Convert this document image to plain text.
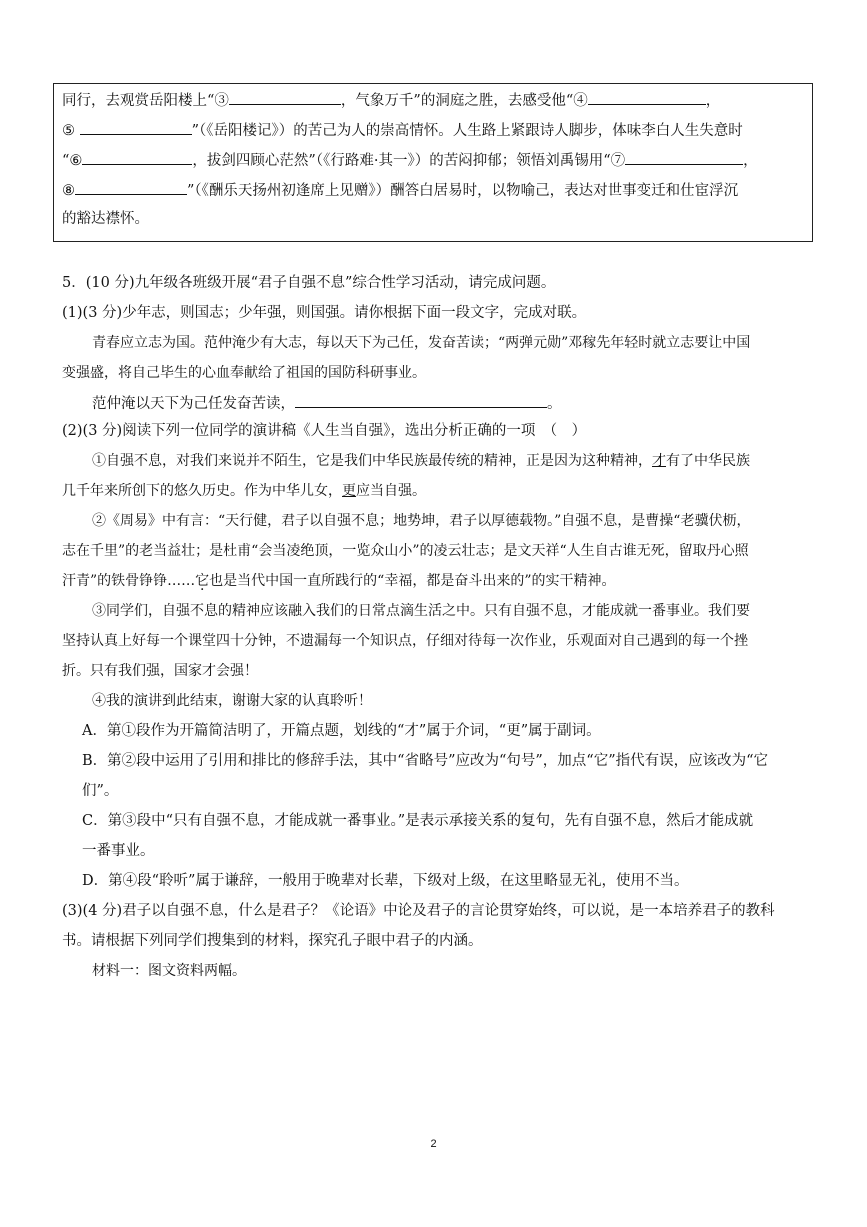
同行，去观赏岳阳楼上“③	，气象万千”的洞庭之胜，去感受他“④	，
⑤	”（《岳阳楼记》）的苦己为人的崇高情怀。人生路上紧跟诗人脚步，体味李白人生失意时
“⑥	，拔剑四顾心茫然”（《行路难·其一》）的苦闷抑郁；领悟刘禹锡用“⑦	，
⑧	”（《酬乐天扬州初逢席上见赠》）酬答白居易时，以物喻己，表达对世事变迁和仕宦浮沉
的豁达襟怀。
5．(10 分)九年级各班级开展“君子自强不息”综合性学习活动，请完成问题。
(1)(3 分)少年志，则国志；少年强，则国强。请你根据下面一段文字，完成对联。
青春应立志为国。范仲淹少有大志，每以天下为己任，发奋苦读；“两弹元勋”邓稼先年轻时就立志要让中国
变强盛，将自己毕生的心血奉献给了祖国的国防科研事业。
范仲淹以天下为己任发奋苦读，	。
(2)(3 分)阅读下列一位同学的演讲稿《人生当自强》，选出分析正确的一项　（　）
①自强不息，对我们来说并不陌生，它是我们中华民族最传统的精神，正是因为这种精神，才有了中华民族
几千年来所创下的悠久历史。作为中华儿女，更应当自强。
②《周易》中有言：“天行健，君子以自强不息；地势坤，君子以厚德载物。”自强不息，是曹操“老骥伏枥，
志在千里”的老当益壮；是杜甫“会当凌绝顶，一览众山小”的凌云壮志；是文天祥“人生自古谁无死，留取丹心照
汗青”的铁骨铮铮……它也是当代中国一直所践行的“幸福，都是奋斗出来的”的实干精神。
③同学们，自强不息的精神应该融入我们的日常点滴生活之中。只有自强不息，才能成就一番事业。我们要
坚持认真上好每一个课堂四十分钟，不遗漏每一个知识点，仔细对待每一次作业，乐观面对自己遇到的每一个挫
折。只有我们强，国家才会强！
④我的演讲到此结束，谢谢大家的认真聆听！
A．第①段作为开篇简洁明了，开篇点题，划线的“才”属于介词，“更”属于副词。
B．第②段中运用了引用和排比的修辞手法，其中“省略号”应改为“句号”，加点“它”指代有误，应该改为“它
们”。
C．第③段中“只有自强不息，才能成就一番事业。”是表示承接关系的复句，先有自强不息，然后才能成就
一番事业。
D．第④段“聆听”属于谦辞，一般用于晚辈对长辈，下级对上级，在这里略显无礼，使用不当。
(3)(4 分)君子以自强不息，什么是君子？《论语》中论及君子的言论贯穿始终，可以说，是一本培养君子的教科
书。请根据下列同学们搜集到的材料，探究孔子眼中君子的内涵。
材料一：图文资料两幅。
2
